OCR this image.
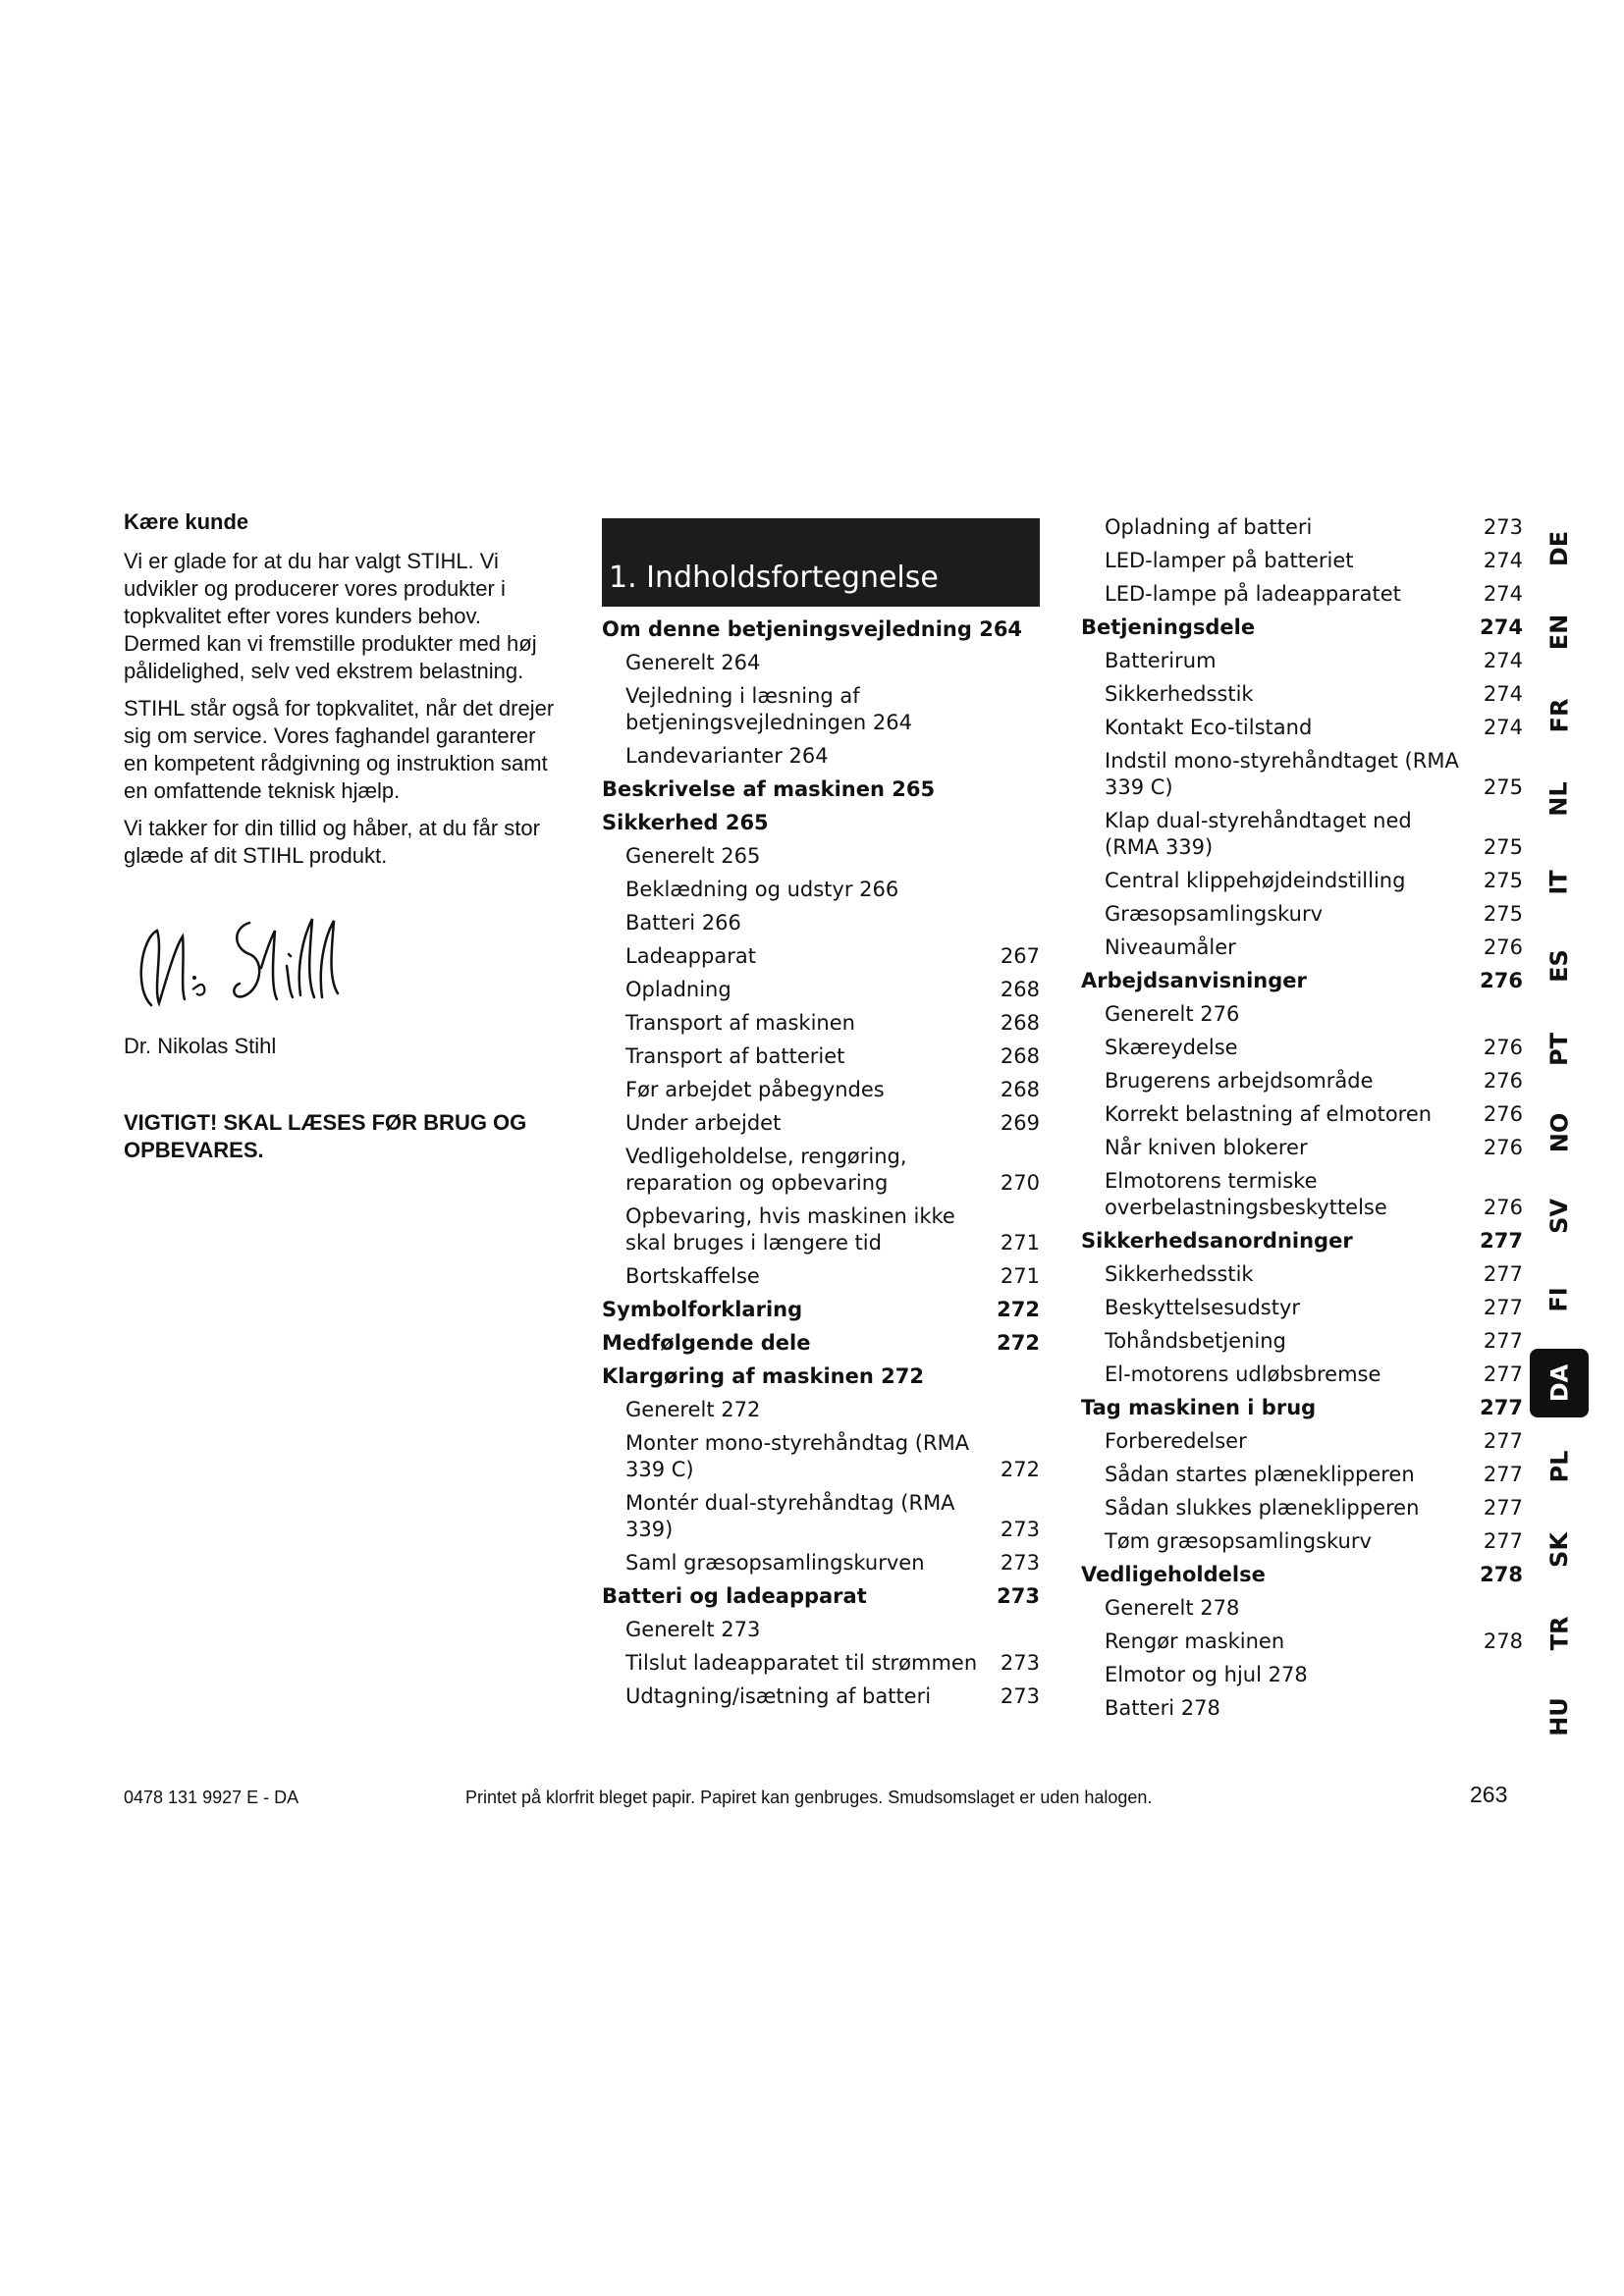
Kære kunde

Vi er glade for at du har valgt STIHL. Vi udvikler og producerer vores produkter i topkvalitet efter vores kunders behov. Dermed kan vi fremstille produkter med høj pålidelighed, selv ved ekstrem belastning.

STIHL står også for topkvalitet, når det drejer sig om service. Vores faghandel garanterer en kompetent rådgivning og instruktion samt en omfattende teknisk hjælp.

Vi takker for din tillid og håber, at du får stor glæde af dit STIHL produkt.

Dr. Nikolas Stihl
VIGTIGT! SKAL LÆSES FØR BRUG OG OPBEVARES.
1. Indholdsfortegnelse
Om denne betjeningsvejledning 264
Generelt 264
Vejledning i læsning af betjeningsvejledningen 264
Landevarianter 264
Beskrivelse af maskinen 265
Sikkerhed 265
Generelt 265
Beklædning og udstyr 266
Batteri 266
Ladeapparat	267
Opladning	268
Transport af maskinen	268
Transport af batteriet	268
Før arbejdet påbegyndes	268
Under arbejdet	269
Vedligeholdelse, rengøring, reparation og opbevaring	270
Opbevaring, hvis maskinen ikke skal bruges i længere tid	271
Bortskaffelse	271
Symbolforklaring	272
Medfølgende dele	272
Klargøring af maskinen 272
Generelt 272
Monter mono-styrehåndtag (RMA 339 C)	272
Montér dual-styrehåndtag (RMA 339)	273
Saml græsopsamlingskurven	273
Batteri og ladeapparat	273
Generelt 273
Tilslut ladeapparatet til strømmen	273
Udtagning/isætning af batteri	273
Opladning af batteri	273
LED-lamper på batteriet	274
LED-lampe på ladeapparatet	274
Betjeningsdele	274
Batterirum	274
Sikkerhedsstik	274
Kontakt Eco-tilstand	274
Indstil mono-styrehåndtaget (RMA 339 C)	275
Klap dual-styrehåndtaget ned (RMA 339)	275
Central klippehøjdeindstilling	275
Græsopsamlingskurv	275
Niveaumåler	276
Arbejdsanvisninger	276
Generelt 276
Skæreydelse	276
Brugerens arbejdsområde	276
Korrekt belastning af elmotoren	276
Når kniven blokerer	276
Elmotorens termiske overbelastningsbeskyttelse	276
Sikkerhedsanordninger	277
Sikkerhedsstik	277
Beskyttelsesudstyr	277
Tohåndsbetjening	277
El-motorens udløbsbremse	277
Tag maskinen i brug	277
Forberedelser	277
Sådan startes plæneklipperen	277
Sådan slukkes plæneklipperen	277
Tøm græsopsamlingskurv	277
Vedligeholdelse	278
Generelt 278
Rengør maskinen	278
Elmotor og hjul 278
Batteri 278
DE
EN
FR
NL
IT
ES
PT
NO
SV
FI
DA
PL
SK
TR
HU
0478 131 9927 E - DA	Printet på klorfrit bleget papir. Papiret kan genbruges. Smudsomslaget er uden halogen.	263
